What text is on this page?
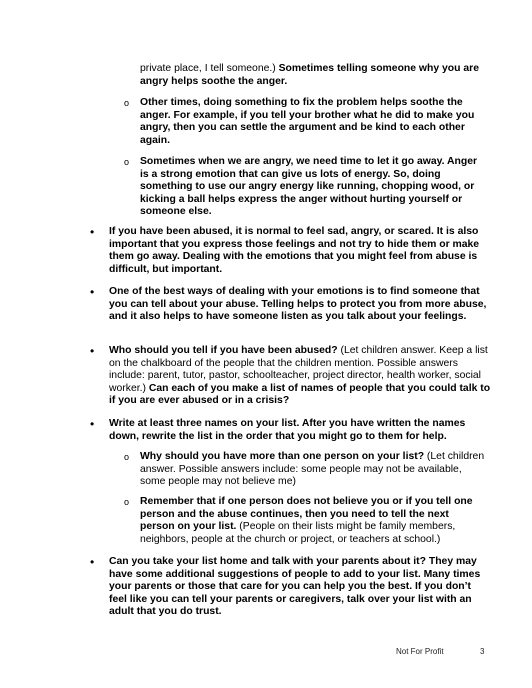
private place, I tell someone.) Sometimes telling someone why you are angry helps soothe the anger.
o Other times, doing something to fix the problem helps soothe the anger. For example, if you tell your brother what he did to make you angry, then you can settle the argument and be kind to each other again.
o Sometimes when we are angry, we need time to let it go away. Anger is a strong emotion that can give us lots of energy. So, doing something to use our angry energy like running, chopping wood, or kicking a ball helps express the anger without hurting yourself or someone else.
• If you have been abused, it is normal to feel sad, angry, or scared. It is also important that you express those feelings and not try to hide them or make them go away. Dealing with the emotions that you might feel from abuse is difficult, but important.
• One of the best ways of dealing with your emotions is to find someone that you can tell about your abuse. Telling helps to protect you from more abuse, and it also helps to have someone listen as you talk about your feelings.
• Who should you tell if you have been abused? (Let children answer. Keep a list on the chalkboard of the people that the children mention. Possible answers include: parent, tutor, pastor, schoolteacher, project director, health worker, social worker.) Can each of you make a list of names of people that you could talk to if you are ever abused or in a crisis?
• Write at least three names on your list. After you have written the names down, rewrite the list in the order that you might go to them for help.
o Why should you have more than one person on your list? (Let children answer. Possible answers include: some people may not be available, some people may not believe me)
o Remember that if one person does not believe you or if you tell one person and the abuse continues, then you need to tell the next person on your list. (People on their lists might be family members, neighbors, people at the church or project, or teachers at school.)
• Can you take your list home and talk with your parents about it? They may have some additional suggestions of people to add to your list. Many times your parents or those that care for you can help you the best. If you don’t feel like you can tell your parents or caregivers, talk over your list with an adult that you do trust.
Not For Profit	3
